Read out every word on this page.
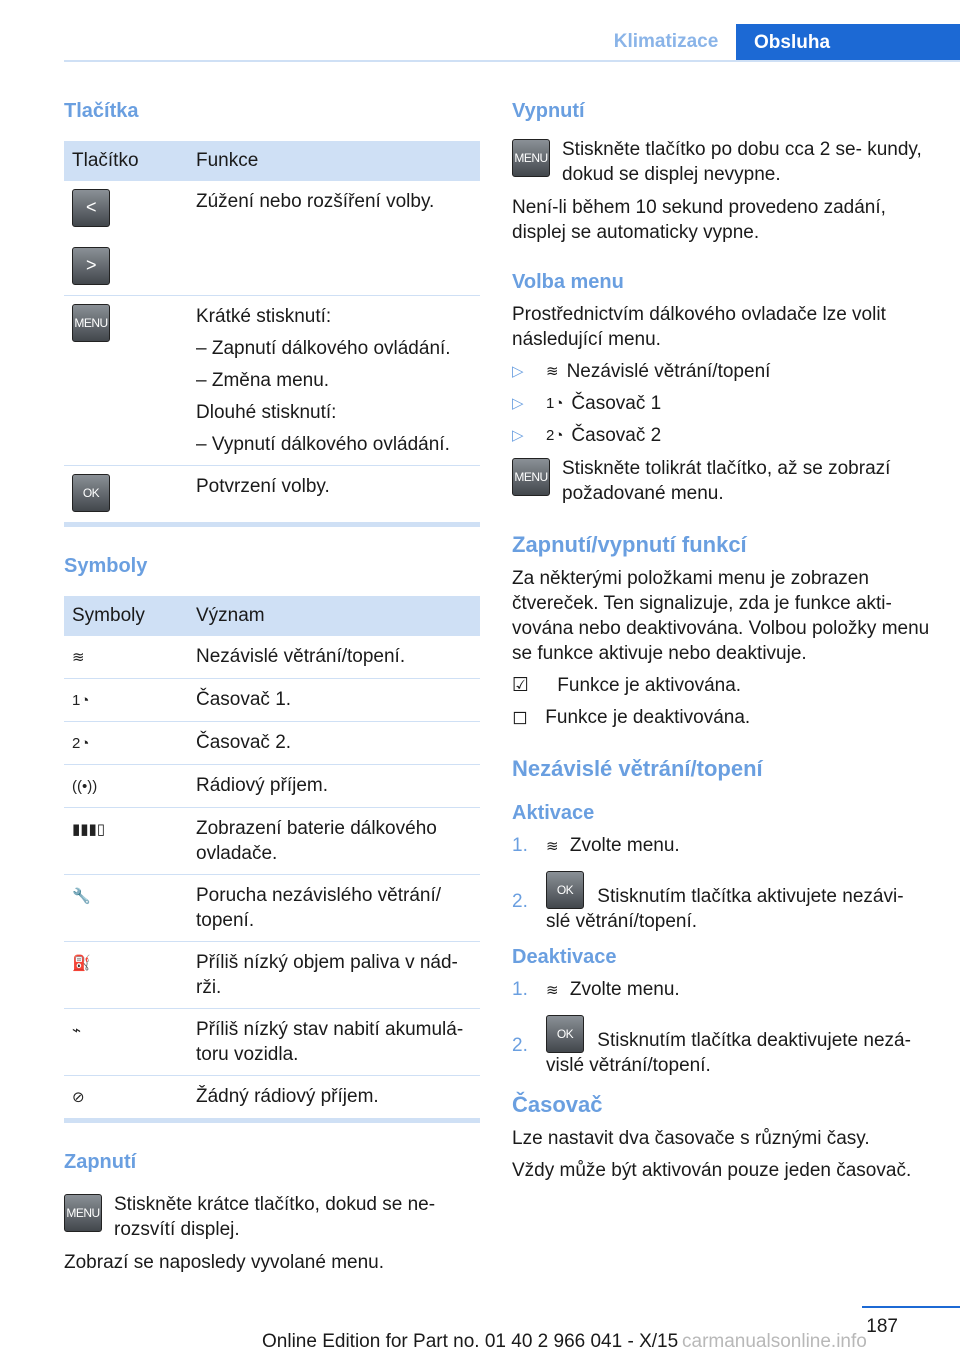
Klimatizace	Obsluha
Tlačítka
Tlačítko	Funkce

<
>	Zúžení nebo rozšíření volby.

MENU	Krátké stisknutí:
– Zapnutí dálkového ovládání.
– Změna menu.
Dlouhé stisknutí:
– Vypnutí dálkového ovládání.

OK	Potvrzení volby.
Symboly
Symboly	Význam
≋	Nezávislé větrání/topení.
1◔	Časovač 1.
2◔	Časovač 2.
((•))	Rádiový příjem.
▮▮▮▯	Zobrazení baterie dálkového ovladače.
🔧	Porucha nezávislého větrání/ topení.
⛽	Příliš nízký objem paliva v nád- rži.
⌁	Příliš nízký stav nabití akumulá- toru vozidla.
⊘	Žádný rádiový příjem.
Zapnutí
MENU Stiskněte krátce tlačítko, dokud se ne- rozsvítí displej.

Zobrazí se naposledy vyvolané menu.

Vypnutí
MENU Stiskněte tlačítko po dobu cca 2 se- kundy, dokud se displej nevypne.

Není-li během 10 sekund provedeno zadání, displej se automaticky vypne.

Volba menu

Prostřednictvím dálkového ovladače lze volit následující menu.

▷	≋ Nezávislé větrání/topení
▷	1◔ Časovač 1
▷	2◔ Časovač 2
MENU Stiskněte tolikrát tlačítko, až se zobrazí požadované menu.
Zapnutí/vypnutí funkcí

Za některými položkami menu je zobrazen čtvereček. Ten signalizuje, zda je funkce akti- vována nebo deaktivována. Volbou položky menu se funkce aktivuje nebo deaktivuje.

☑ Funkce je aktivována.
◻ Funkce je deaktivována.
Nezávislé větrání/topení
Aktivace
1.	≋ Zvolte menu.
2.
OK Stisknutím tlačítka aktivujete nezávi- slé větrání/topení.
Deaktivace
1.	≋ Zvolte menu.
2.
OK Stisknutím tlačítka deaktivujete nezá- vislé větrání/topení.
Časovač

Lze nastavit dva časovače s různými časy.

Vždy může být aktivován pouze jeden časovač.

187
Online Edition for Part no. 01 40 2 966 041 - X/15 carmanualsonline.info
